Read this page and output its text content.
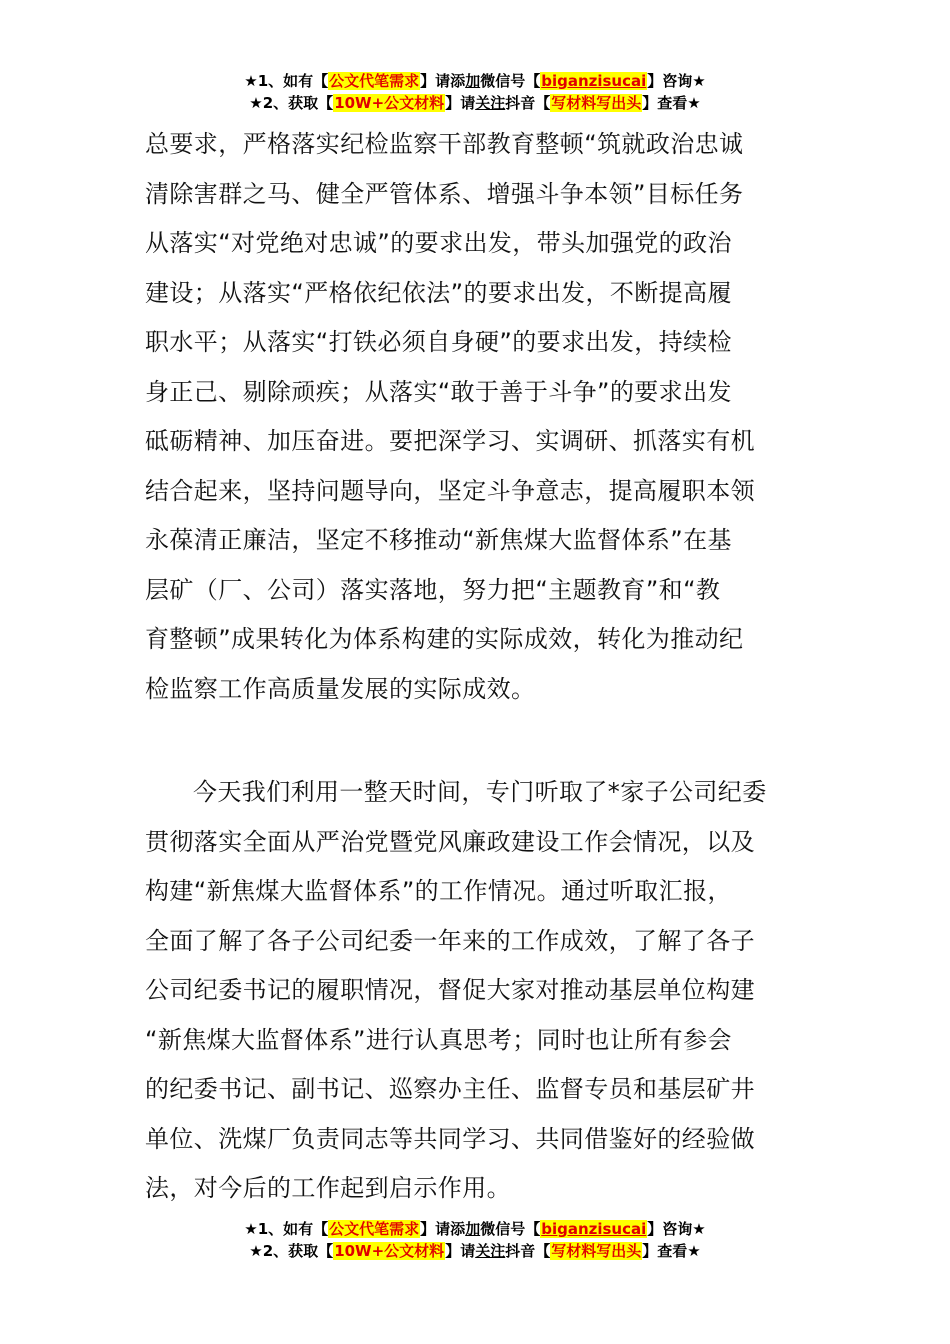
★1、如有【公文代笔需求】请添加微信号【biganzisucai】咨询★
★2、获取【10W+公文材料】请关注抖音【写材料写出头】查看★
总要求，严格落实纪检监察干部教育整顿“筑就政治忠诚
清除害群之马、健全严管体系、增强斗争本领”目标任务
从落实“对党绝对忠诚”的要求出发，带头加强党的政治
建设；从落实“严格依纪依法”的要求出发，不断提高履
职水平；从落实“打铁必须自身硬”的要求出发，持续检
身正己、剔除顽疾；从落实“敢于善于斗争”的要求出发
砥砺精神、加压奋进。要把深学习、实调研、抓落实有机
结合起来，坚持问题导向，坚定斗争意志，提高履职本领
永葆清正廉洁，坚定不移推动“新焦煤大监督体系”在基
层矿（厂、公司）落实落地，努力把“主题教育”和“教
育整顿”成果转化为体系构建的实际成效，转化为推动纪
检监察工作高质量发展的实际成效。
今天我们利用一整天时间，专门听取了*家子公司纪委
贯彻落实全面从严治党暨党风廉政建设工作会情况，以及
构建“新焦煤大监督体系”的工作情况。通过听取汇报，
全面了解了各子公司纪委一年来的工作成效，了解了各子
公司纪委书记的履职情况，督促大家对推动基层单位构建
“新焦煤大监督体系”进行认真思考；同时也让所有参会
的纪委书记、副书记、巡察办主任、监督专员和基层矿井
单位、洗煤厂负责同志等共同学习、共同借鉴好的经验做
法，对今后的工作起到启示作用。
★1、如有【公文代笔需求】请添加微信号【biganzisucai】咨询★
★2、获取【10W+公文材料】请关注抖音【写材料写出头】查看★
